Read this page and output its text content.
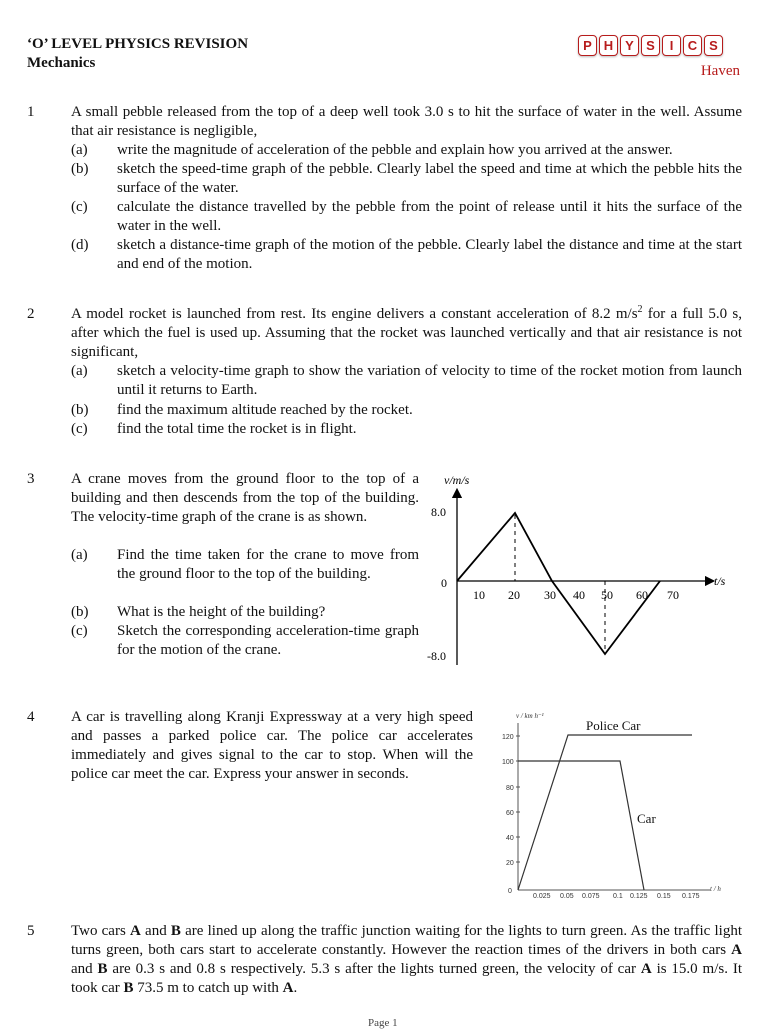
‘O’ LEVEL PHYSICS REVISION
Mechanics
P H Y S	I	C S
Haven
1	A small pebble released from the top of a deep well took 3.0 s to hit the surface of water in the well. Assume that air resistance is negligible,
(a)	write the magnitude of acceleration of the pebble and explain how you arrived at the answer.
(b)	sketch the speed-time graph of the pebble. Clearly label the speed and time at which the pebble hits the surface of the water.
(c)	calculate the distance travelled by the pebble from the point of release until it hits the surface of the water in the well.
(d)	sketch a distance-time graph of the motion of the pebble. Clearly label the distance and time at the start and end of the motion.
2	A model rocket is launched from rest. Its engine delivers a constant acceleration of 8.2 $m/s^2$ for a full 5.0 s, after which the fuel is used up. Assuming that the rocket was launched vertically and that air resistance is not significant,
(a)	sketch a velocity-time graph to show the variation of velocity to time of the rocket motion from launch until it returns to Earth.
(b)	find the maximum altitude reached by the rocket.
(c)	find the total time the rocket is in flight.
3	A crane moves from the ground floor to the top of a building and then descends from the top of the building. The velocity-time graph of the crane is as shown.
(a)	Find the time taken for the crane to move from the ground floor to the top of the building.
(b)	What is the height of the building?
(c)	Sketch the corresponding acceleration-time graph for the motion of the crane.
v/m/s
t/s
8.0
0
-8.0
10 20 30 40 50 60 70
4	A car is travelling along Kranji Expressway at a very high speed and passes a parked police car. The police car accelerates immediately and gives signal to the car to stop. When will the police car meet the car. Express your answer in seconds.
v / km h⁻¹
t / h
120
100
80
60
40
20
0
0.025 0.05 0.075 0.1 0.125 0.15 0.175
Police Car
Car
5	Two cars A and B are lined up along the traffic junction waiting for the lights to turn green. As the traffic light turns green, both cars start to accelerate constantly. However the reaction times of the drivers in both cars A and B are 0.3 s and 0.8 s respectively. 5.3 s after the lights turned green, the velocity of car A is 15.0 m/s. It took car B 73.5 m to catch up with A.
Page 1
